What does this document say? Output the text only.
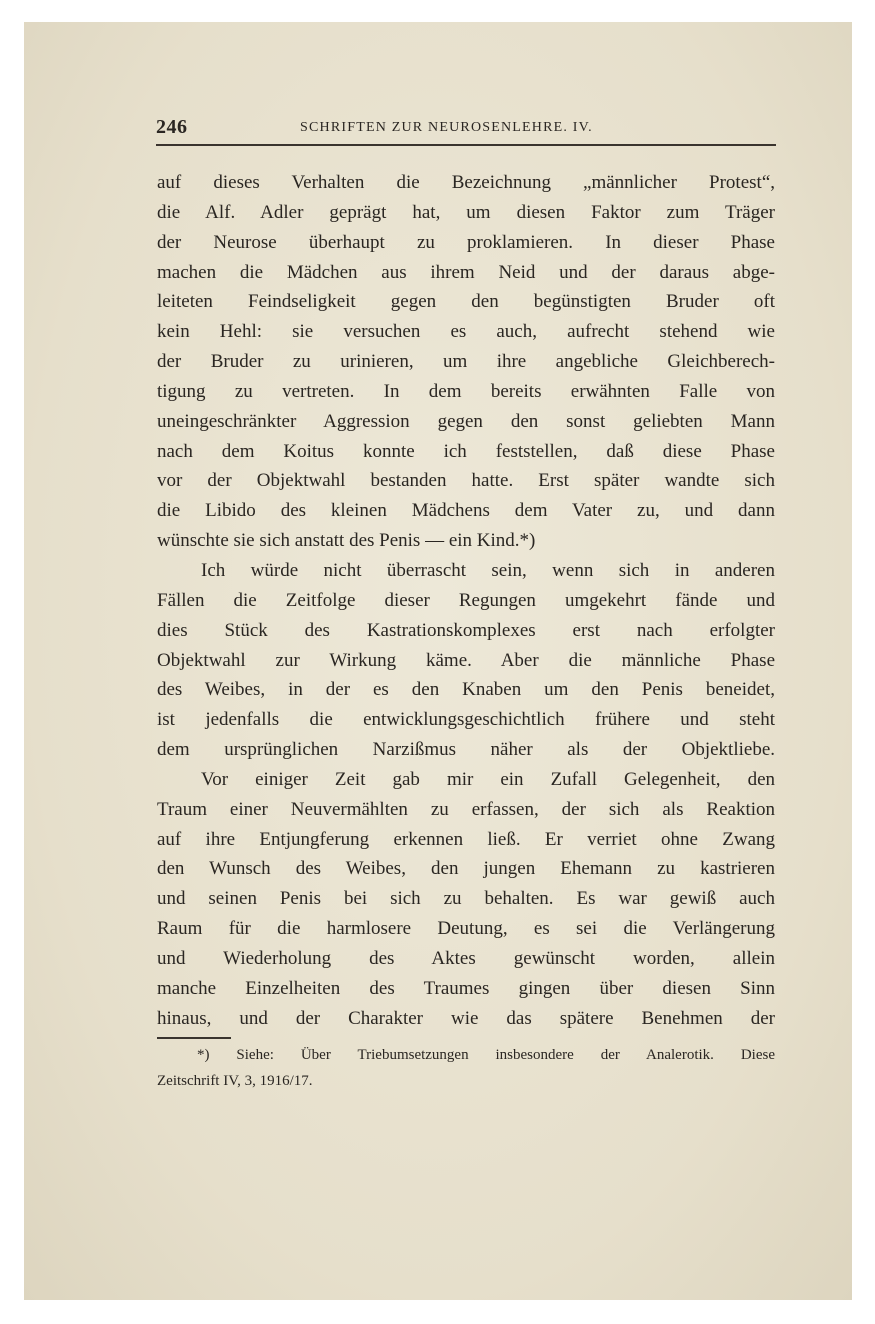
246	SCHRIFTEN ZUR NEUROSENLEHRE. IV.
auf dieses Verhalten die Bezeichnung „männlicher Protest“,
die Alf. Adler geprägt hat, um diesen Faktor zum Träger
der Neurose überhaupt zu proklamieren. In dieser Phase
machen die Mädchen aus ihrem Neid und der daraus abge-
leiteten Feindseligkeit gegen den begünstigten Bruder oft
kein Hehl: sie versuchen es auch, aufrecht stehend wie
der Bruder zu urinieren, um ihre angebliche Gleichberech-
tigung zu vertreten. In dem bereits erwähnten Falle von
uneingeschränkter Aggression gegen den sonst geliebten Mann
nach dem Koitus konnte ich feststellen, daß diese Phase
vor der Objektwahl bestanden hatte. Erst später wandte sich
die Libido des kleinen Mädchens dem Vater zu, und dann
wünschte sie sich anstatt des Penis — ein Kind.*)
Ich würde nicht überrascht sein, wenn sich in anderen
Fällen die Zeitfolge dieser Regungen umgekehrt fände und
dies Stück des Kastrationskomplexes erst nach erfolgter
Objektwahl zur Wirkung käme. Aber die männliche Phase
des Weibes, in der es den Knaben um den Penis beneidet,
ist jedenfalls die entwicklungsgeschichtlich frühere und steht
dem ursprünglichen Narzißmus näher als der Objektliebe.
Vor einiger Zeit gab mir ein Zufall Gelegenheit, den
Traum einer Neuvermählten zu erfassen, der sich als Reaktion
auf ihre Entjungferung erkennen ließ. Er verriet ohne Zwang
den Wunsch des Weibes, den jungen Ehemann zu kastrieren
und seinen Penis bei sich zu behalten. Es war gewiß auch
Raum für die harmlosere Deutung, es sei die Verlängerung
und Wiederholung des Aktes gewünscht worden, allein
manche Einzelheiten des Traumes gingen über diesen Sinn
hinaus, und der Charakter wie das spätere Benehmen der
*) Siehe: Über Triebumsetzungen insbesondere der Analerotik. Diese
Zeitschrift IV, 3, 1916/17.
